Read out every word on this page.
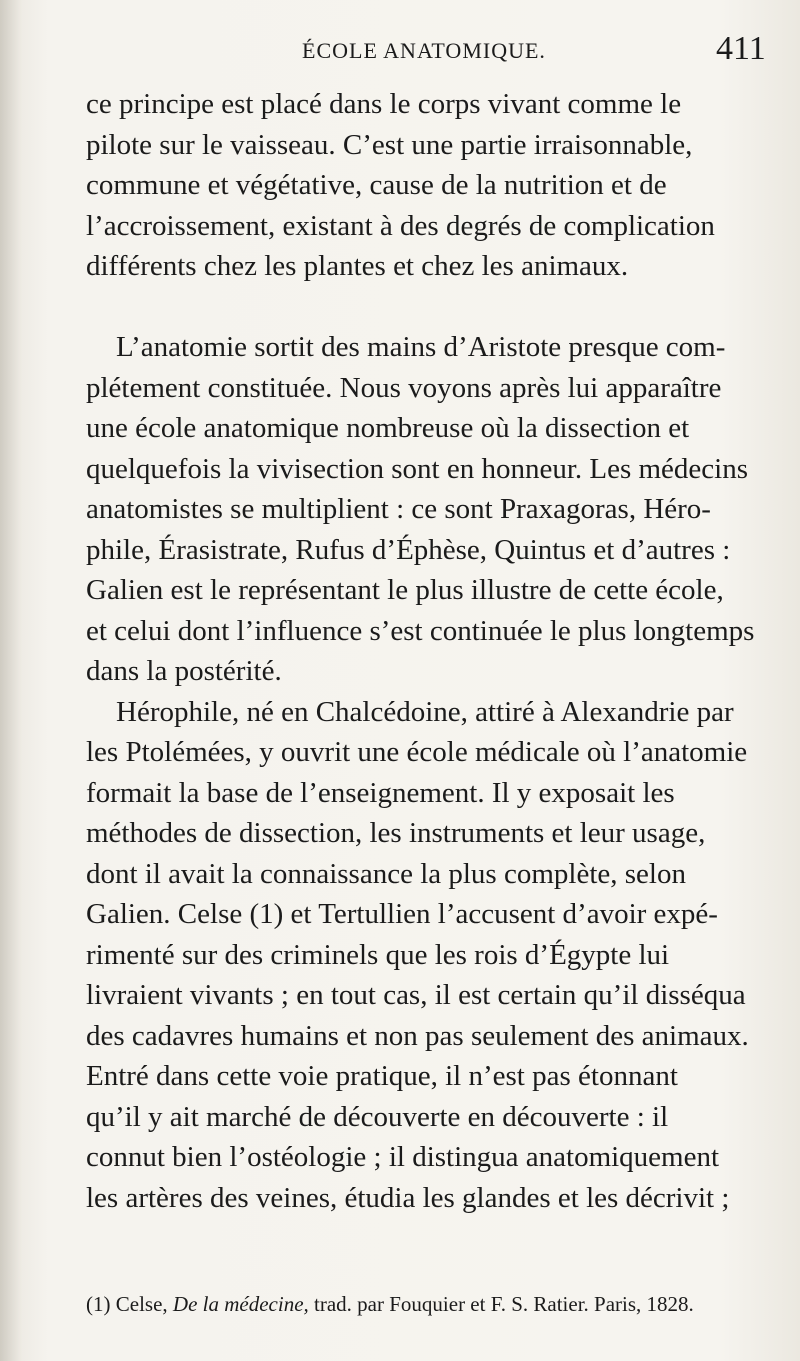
ÉCOLE ANATOMIQUE.	411
ce principe est placé dans le corps vivant comme le
pilote sur le vaisseau. C’est une partie irraisonnable,
commune et végétative, cause de la nutrition et de
l’accroissement, existant à des degrés de complication
différents chez les plantes et chez les animaux.
L’anatomie sortit des mains d’Aristote presque com-
plétement constituée. Nous voyons après lui apparaître
une école anatomique nombreuse où la dissection et
quelquefois la vivisection sont en honneur. Les médecins
anatomistes se multiplient : ce sont Praxagoras, Héro-
phile, Érasistrate, Rufus d’Éphèse, Quintus et d’autres :
Galien est le représentant le plus illustre de cette école,
et celui dont l’influence s’est continuée le plus longtemps
dans la postérité.
Hérophile, né en Chalcédoine, attiré à Alexandrie par
les Ptolémées, y ouvrit une école médicale où l’anatomie
formait la base de l’enseignement. Il y exposait les
méthodes de dissection, les instruments et leur usage,
dont il avait la connaissance la plus complète, selon
Galien. Celse (1) et Tertullien l’accusent d’avoir expé-
rimenté sur des criminels que les rois d’Égypte lui
livraient vivants ; en tout cas, il est certain qu’il disséqua
des cadavres humains et non pas seulement des animaux.
Entré dans cette voie pratique, il n’est pas étonnant
qu’il y ait marché de découverte en découverte : il
connut bien l’ostéologie ; il distingua anatomiquement
les artères des veines, étudia les glandes et les décrivit ;
(1) Celse, De la médecine, trad. par Fouquier et F. S. Ratier. Paris, 1828.
